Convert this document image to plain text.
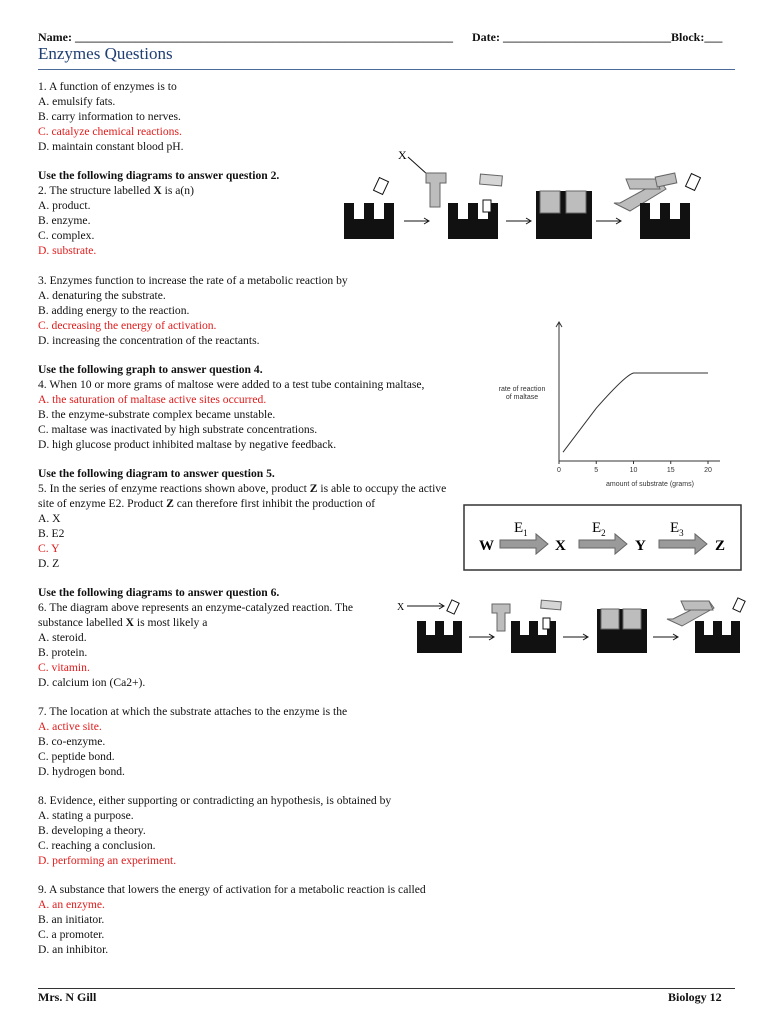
Name: _______________________________________________________________ Date: ____________________________ Block:___
Enzymes Questions
1. A function of enzymes is to
A. emulsify fats.
B. carry information to nerves.
C. catalyze chemical reactions.
D. maintain constant blood pH.
Use the following diagrams to answer question 2.
2. The structure labelled X is a(n)
A. product.
B. enzyme.
C. complex.
D. substrate.
X
3. Enzymes function to increase the rate of a metabolic reaction by
A. denaturing the substrate.
B. adding energy to the reaction.
C. decreasing the energy of activation.
D. increasing the concentration of the reactants.
Use the following graph to answer question 4.
4. When 10 or more grams of maltose were added to a test tube containing maltase,
A. the saturation of maltase active sites occurred.
B. the enzyme-substrate complex became unstable.
C. maltase was inactivated by high substrate concentrations.
D. high glucose product inhibited maltase by negative feedback.
rate of reaction
of maltase
amount of substrate (grams)
0	5	10	15	20
Use the following diagram to answer question 5.
5. In the series of enzyme reactions shown above, product Z is able to occupy the active
site of enzyme E2. Product Z can therefore first inhibit the production of
A. X
B. E2
C. Y
D. Z
W	X	Y	Z
$E_1$	$E_2$	$E_3$
Use the following diagrams to answer question 6.
6. The diagram above represents an enzyme-catalyzed reaction. The
substance labelled X is most likely a
A. steroid.
B. protein.
C. vitamin.
D. calcium ion (Ca2+).
X
7. The location at which the substrate attaches to the enzyme is the
A. active site.
B. co-enzyme.
C. peptide bond.
D. hydrogen bond.
8. Evidence, either supporting or contradicting an hypothesis, is obtained by
A. stating a purpose.
B. developing a theory.
C. reaching a conclusion.
D. performing an experiment.
9. A substance that lowers the energy of activation for a metabolic reaction is called
A. an enzyme.
B. an initiator.
C. a promoter.
D. an inhibitor.
Mrs. N Gill	Biology 12
